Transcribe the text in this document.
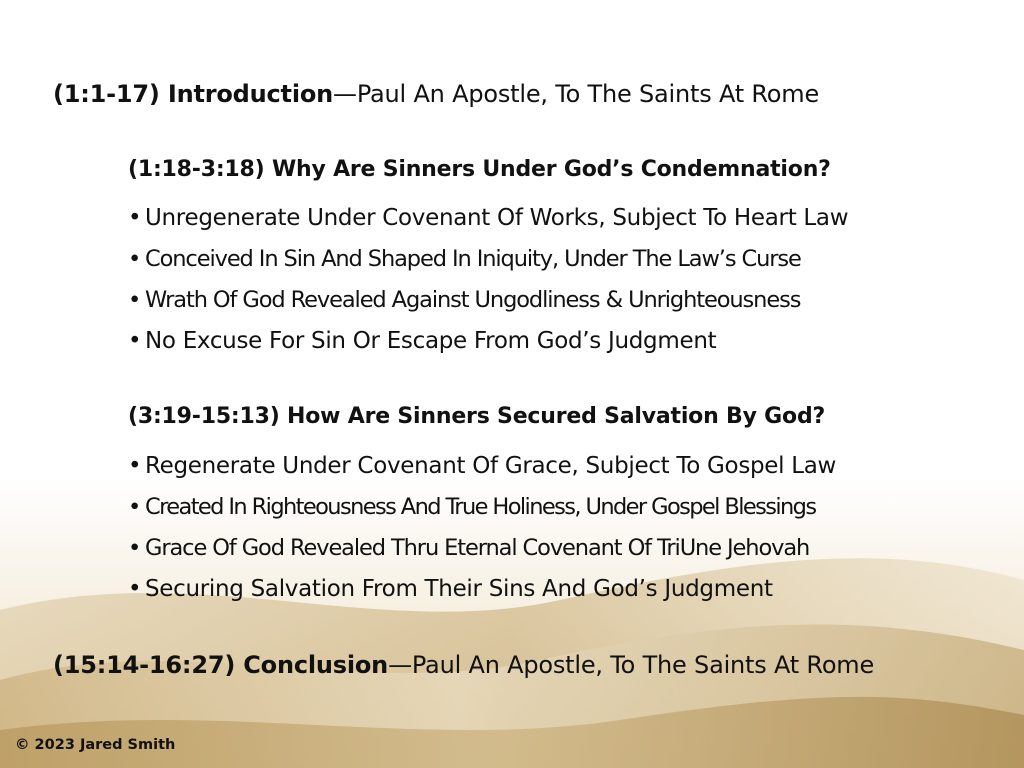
(1:1-17) Introduction—Paul An Apostle, To The Saints At Rome
(1:18-3:18) Why Are Sinners Under God’s Condemnation?
• Unregenerate Under Covenant Of Works, Subject To Heart Law
• Conceived In Sin And Shaped In Iniquity, Under The Law’s Curse
• Wrath Of God Revealed Against Ungodliness & Unrighteousness
• No Excuse For Sin Or Escape From God’s Judgment
(3:19-15:13) How Are Sinners Secured Salvation By God?
• Regenerate Under Covenant Of Grace, Subject To Gospel Law
• Created In Righteousness And True Holiness, Under Gospel Blessings
• Grace Of God Revealed Thru Eternal Covenant Of TriUne Jehovah
• Securing Salvation From Their Sins And God’s Judgment
(15:14-16:27) Conclusion—Paul An Apostle, To The Saints At Rome
© 2023 Jared Smith
